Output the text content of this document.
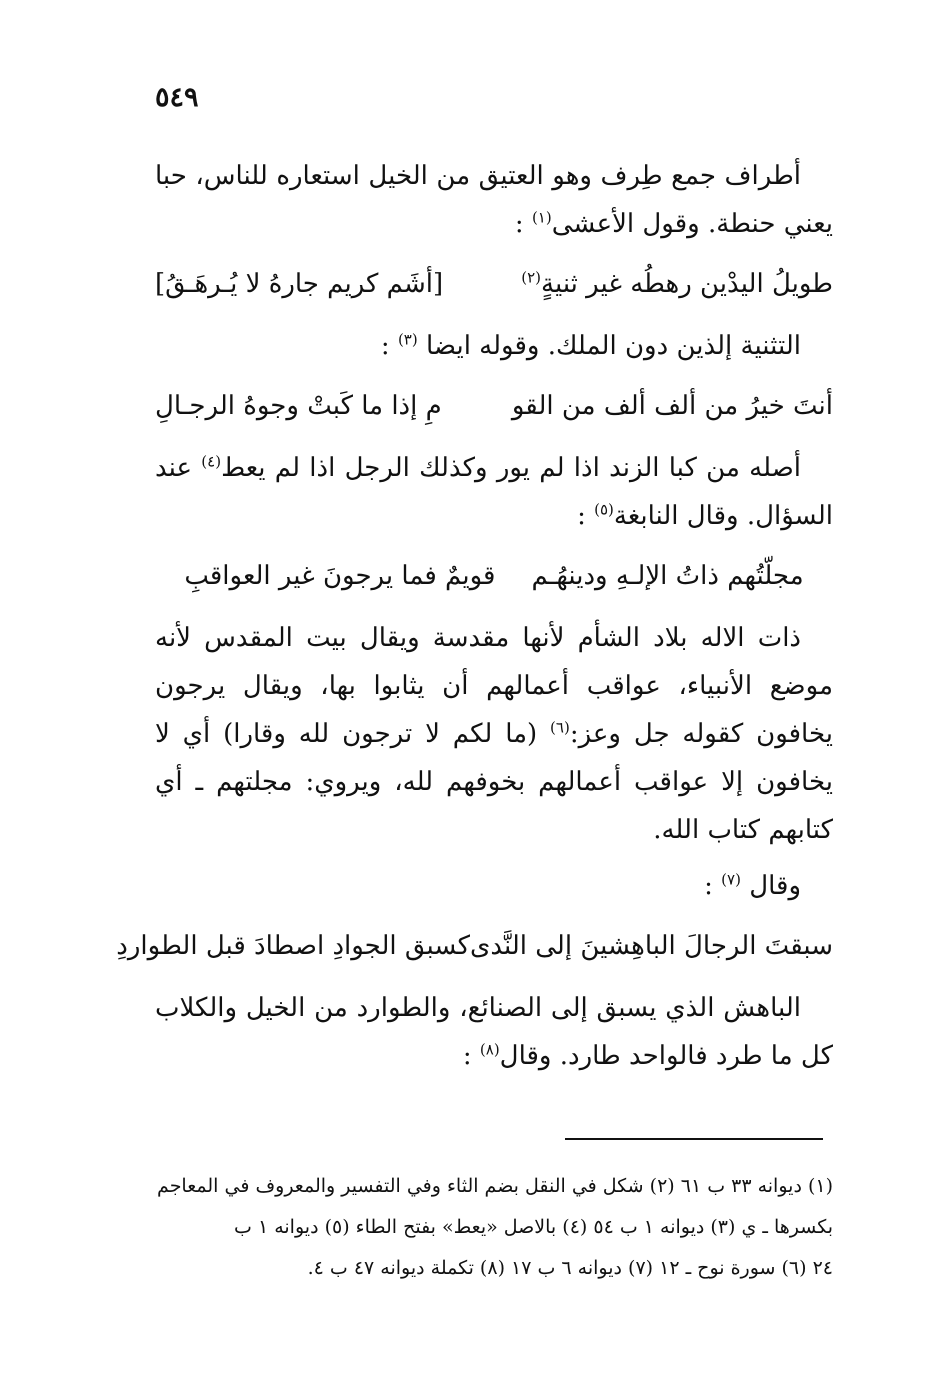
٥٤٩

أطراف جمع طِرف وهو العتيق من الخيل استعاره للناس، حبا يعني حنطة. وقول الأعشى$^{(١)}$ :

طويلُ اليدْين رهطُه غير ثنيةٍ$^{(٢)}$
[أشَم كريم جارهُ لا يُـرهَـقُ]

التثنية إلذين دون الملك. وقوله ايضا $^{(٣)}$ :

أنتَ خيرُ من ألف ألف من القو
مِ إذا ما كَبتْ وجوهُ الرجـالِ

أصله من كبا الزند اذا لم يور وكذلك الرجل اذا لم يعط$^{(٤)}$ عند السؤال. وقال النابغة$^{(٥)}$ :

مجلّتُهم ذاتُ الإلـهِ ودينهُـم
قويمٌ فما يرجونَ غير العواقبِ

ذات الاله بلاد الشأم لأنها مقدسة ويقال بيت المقدس لأنه موضع الأنبياء، عواقب أعمالهم أن يثابوا بها، ويقال يرجون يخافون كقوله جل وعز:$^{(٦)}$ (ما لكم لا ترجون لله وقارا) أي لا يخافون إلا عواقب أعمالهم بخوفهم لله، ويروي: مجلتهم ـ أي كتابهم كتاب الله.

وقال $^{(٧)}$ :

سبقتَ الرجالَ الباهِشينَ إلى النَّدى
كسبق الجوادِ اصطادَ قبل الطواردِ

الباهش الذي يسبق إلى الصنائع، والطوارد من الخيل والكلاب كل ما طرد فالواحد طارد. وقال$^{(٨)}$ :

(١) ديوانه ٣٣ ب ٦١ (٢) شكل في النقل بضم الثاء وفي التفسير والمعروف في المعاجم

بكسرها ـ ي (٣) ديوانه ١ ب ٥٤ (٤) بالاصل «يعط» بفتح الطاء (٥) ديوانه ١ ب

٢٤ (٦) سورة نوح ـ ١٢ (٧) ديوانه ٦ ب ١٧ (٨) تكملة ديوانه ٤٧ ب ٤.
